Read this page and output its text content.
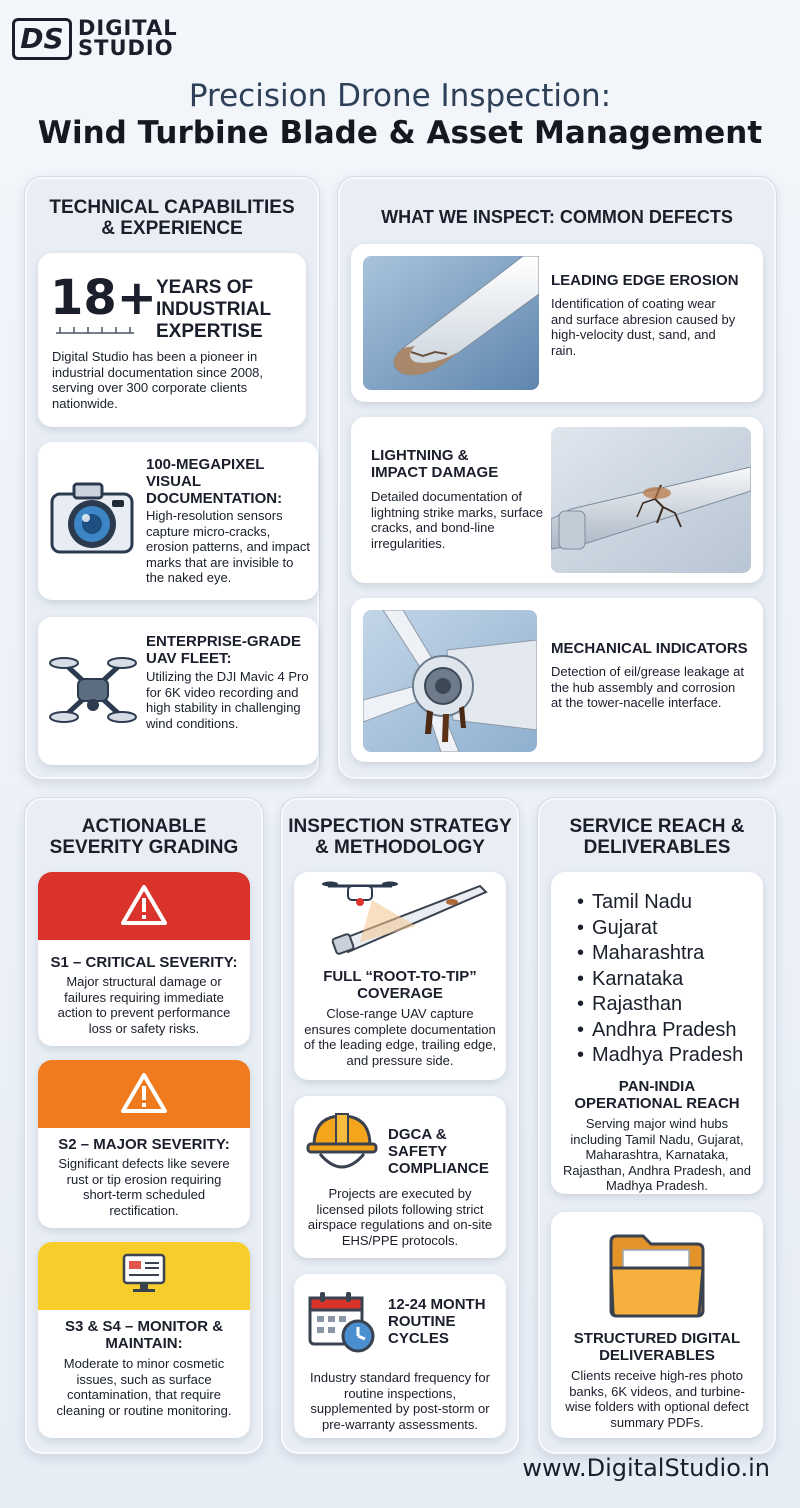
DS DIGITAL
STUDIO
Precision Drone Inspection:
Wind Turbine Blade & Asset Management
TECHNICAL CAPABILITIES
& EXPERIENCE
18+
YEARS OF
INDUSTRIAL
EXPERTISE
Digital Studio has been a pioneer in industrial documentation since 2008, serving over 300 corporate clients nationwide.
100-MEGAPIXEL
VISUAL
DOCUMENTATION:
High-resolution sensors capture micro-cracks, erosion patterns, and impact marks that are invisible to the naked eye.
ENTERPRISE-GRADE
UAV FLEET:
Utilizing the DJI Mavic 4 Pro for 6K video recording and high stability in challenging wind conditions.
WHAT WE INSPECT: COMMON DEFECTS
LEADING EDGE EROSION
Identification of coating wear and surface abresion caused by high-velocity dust, sand, and rain.
LIGHTNING &
IMPACT DAMAGE
Detailed documentation of lightning strike marks, surface cracks, and bond-line irregularities.
MECHANICAL INDICATORS
Detection of eil/grease leakage at the hub assembly and corrosion at the tower-nacelle interface.
ACTIONABLE
SEVERITY GRADING
S1 – CRITICAL SEVERITY:
Major structural damage or failures requiring immediate action to prevent performance loss or safety risks.
S2 – MAJOR SEVERITY:
Significant defects like severe rust or tip erosion requiring short-term scheduled rectification.
S3 & S4 – MONITOR &
MAINTAIN:
Moderate to minor cosmetic issues, such as surface contamination, that require cleaning or routine monitoring.
INSPECTION STRATEGY
& METHODOLOGY
FULL “ROOT-TO-TIP”
COVERAGE
Close-range UAV capture ensures complete documentation of the leading edge, trailing edge, and pressure side.
DGCA & SAFETY
COMPLIANCE
Projects are executed by licensed pilots following strict airspace regulations and on-site EHS/PPE protocols.
12-24 MONTH
ROUTINE
CYCLES
Industry standard frequency for routine inspections, supplemented by post-storm or pre-warranty assessments.
SERVICE REACH &
DELIVERABLES
• Tamil Nadu
• Gujarat
• Maharashtra
• Karnataka
• Rajasthan
• Andhra Pradesh
• Madhya Pradesh
PAN-INDIA
OPERATIONAL REACH
Serving major wind hubs including Tamil Nadu, Gujarat, Maharashtra, Karnataka, Rajasthan, Andhra Pradesh, and Madhya Pradesh.
STRUCTURED DIGITAL
DELIVERABLES
Clients receive high-res photo banks, 6K videos, and turbine-wise folders with optional defect summary PDFs.
www.DigitalStudio.in
